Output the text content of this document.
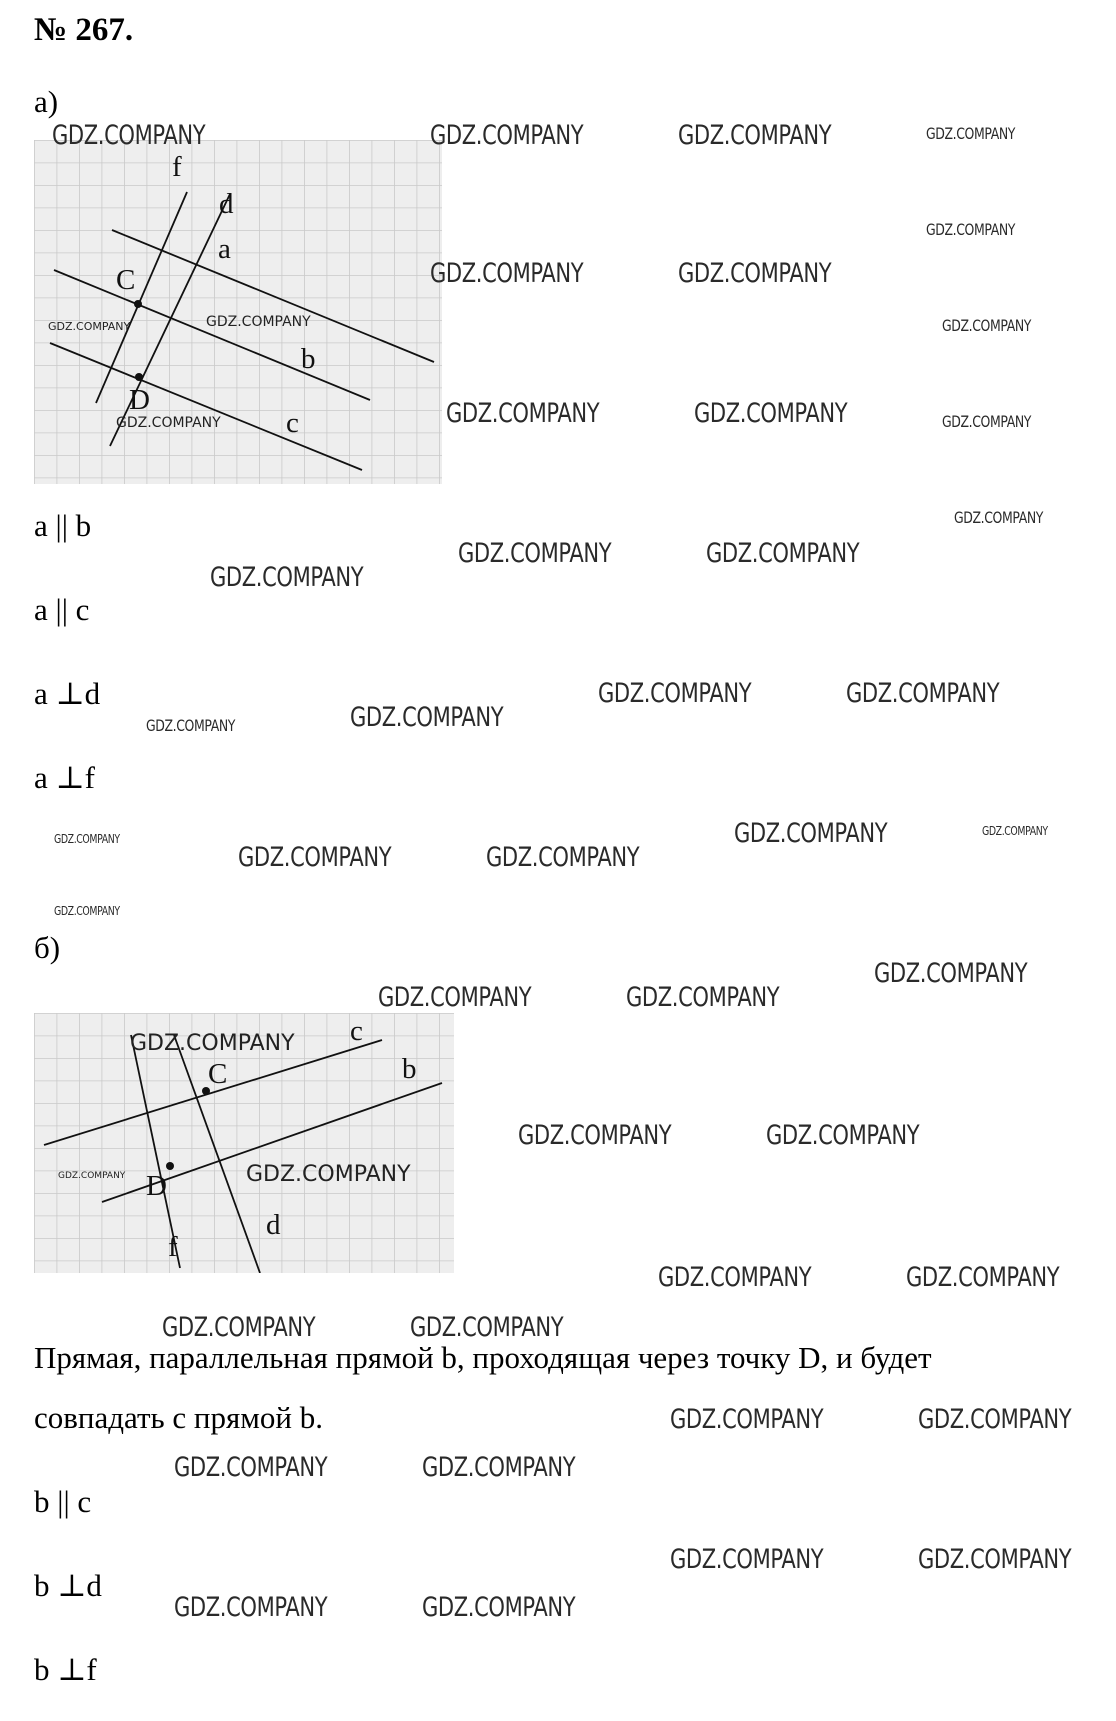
№ 267.
а)
f
d
a
C
b
D
c
GDZ.COMPANY
GDZ.COMPANY
GDZ.COMPANY
a || b
a || c
a ⊥d
a ⊥f
б)
c
C	b
D
f
d
GDZ.COMPANY
GDZ.COMPANY
GDZ.COMPANY
Прямая, параллельная прямой b, проходящая через точку D, и будет
совпадать с прямой b.
b || c
b ⊥d
b ⊥f
GDZ.COMPANY	GDZ.COMPANY	GDZ.COMPANY	GDZ.COMPANY
GDZ.COMPANY
GDZ.COMPANY	GDZ.COMPANY
GDZ.COMPANY
GDZ.COMPANY	GDZ.COMPANY	GDZ.COMPANY
GDZ.COMPANY
GDZ.COMPANY	GDZ.COMPANY
GDZ.COMPANY
GDZ.COMPANY	GDZ.COMPANY
GDZ.COMPANY	GDZ.COMPANY
GDZ.COMPANY	GDZ.COMPANY
GDZ.COMPANY
GDZ.COMPANY	GDZ.COMPANY
GDZ.COMPANY
GDZ.COMPANY
GDZ.COMPANY	GDZ.COMPANY
GDZ.COMPANY	GDZ.COMPANY
GDZ.COMPANY	GDZ.COMPANY
GDZ.COMPANY	GDZ.COMPANY
GDZ.COMPANY	GDZ.COMPANY
GDZ.COMPANY	GDZ.COMPANY
GDZ.COMPANY	GDZ.COMPANY
GDZ.COMPANY	GDZ.COMPANY
